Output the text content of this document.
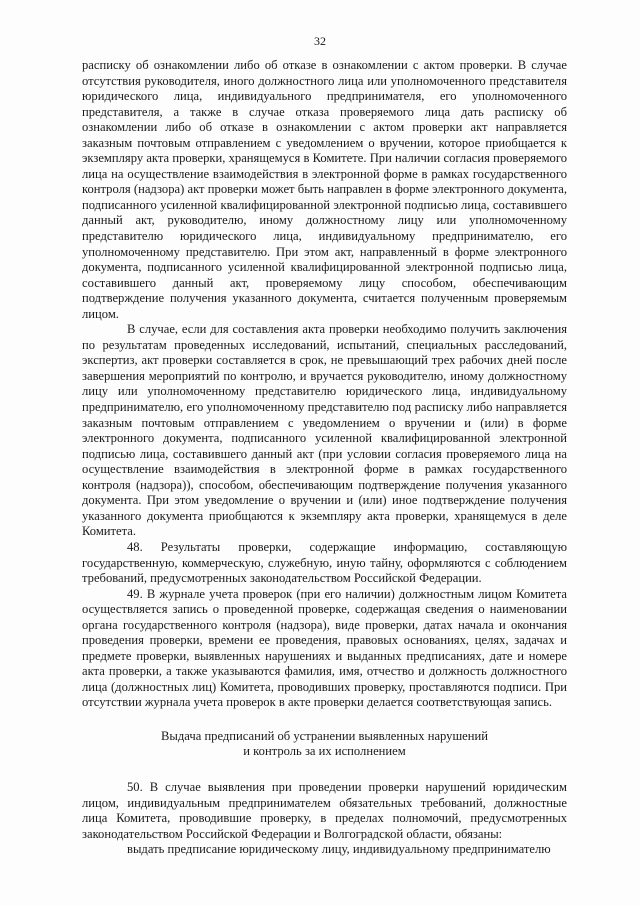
32

расписку об ознакомлении либо об отказе в ознакомлении с актом проверки. В случае отсутствия руководителя, иного должностного лица или уполномоченного представителя юридического лица, индивидуального предпринимателя, его уполномоченного представителя, а также в случае отказа проверяемого лица дать расписку об ознакомлении либо об отказе в ознакомлении с актом проверки акт направляется заказным почтовым отправлением с уведомлением о вручении, которое приобщается к экземпляру акта проверки, хранящемуся в Комитете. При наличии согласия проверяемого лица на осуществление взаимодействия в электронной форме в рамках государственного контроля (надзора) акт проверки может быть направлен в форме электронного документа, подписанного усиленной квалифицированной электронной подписью лица, составившего данный акт, руководителю, иному должностному лицу или уполномоченному представителю юридического лица, индивидуальному предпринимателю, его уполномоченному представителю. При этом акт, направленный в форме электронного документа, подписанного усиленной квалифицированной электронной подписью лица, составившего данный акт, проверяемому лицу способом, обеспечивающим подтверждение получения указанного документа, считается полученным проверяемым лицом.

В случае, если для составления акта проверки необходимо получить заключения по результатам проведенных исследований, испытаний, специальных расследований, экспертиз, акт проверки составляется в срок, не превышающий трех рабочих дней после завершения мероприятий по контролю, и вручается руководителю, иному должностному лицу или уполномоченному представителю юридического лица, индивидуальному предпринимателю, его уполномоченному представителю под расписку либо направляется заказным почтовым отправлением с уведомлением о вручении и (или) в форме электронного документа, подписанного усиленной квалифицированной электронной подписью лица, составившего данный акт (при условии согласия проверяемого лица на осуществление взаимодействия в электронной форме в рамках государственного контроля (надзора)), способом, обеспечивающим подтверждение получения указанного документа. При этом уведомление о вручении и (или) иное подтверждение получения указанного документа приобщаются к экземпляру акта проверки, хранящемуся в деле Комитета.

48. Результаты проверки, содержащие информацию, составляющую государственную, коммерческую, служебную, иную тайну, оформляются с соблюдением требований, предусмотренных законодательством Российской Федерации.

49. В журнале учета проверок (при его наличии) должностным лицом Комитета осуществляется запись о проведенной проверке, содержащая сведения о наименовании органа государственного контроля (надзора), виде проверки, датах начала и окончания проведения проверки, времени ее проведения, правовых основаниях, целях, задачах и предмете проверки, выявленных нарушениях и выданных предписаниях, дате и номере акта проверки, а также указываются фамилия, имя, отчество и должность должностного лица (должностных лиц) Комитета, проводивших проверку, проставляются подписи. При отсутствии журнала учета проверок в акте проверки делается соответствующая запись.

Выдача предписаний об устранении выявленных нарушений
и контроль за их исполнением

50. В случае выявления при проведении проверки нарушений юридическим лицом, индивидуальным предпринимателем обязательных требований, должностные лица Комитета, проводившие проверку, в пределах полномочий, предусмотренных законодательством Российской Федерации и Волгоградской области, обязаны:

выдать предписание юридическому лицу, индивидуальному предпринимателю
